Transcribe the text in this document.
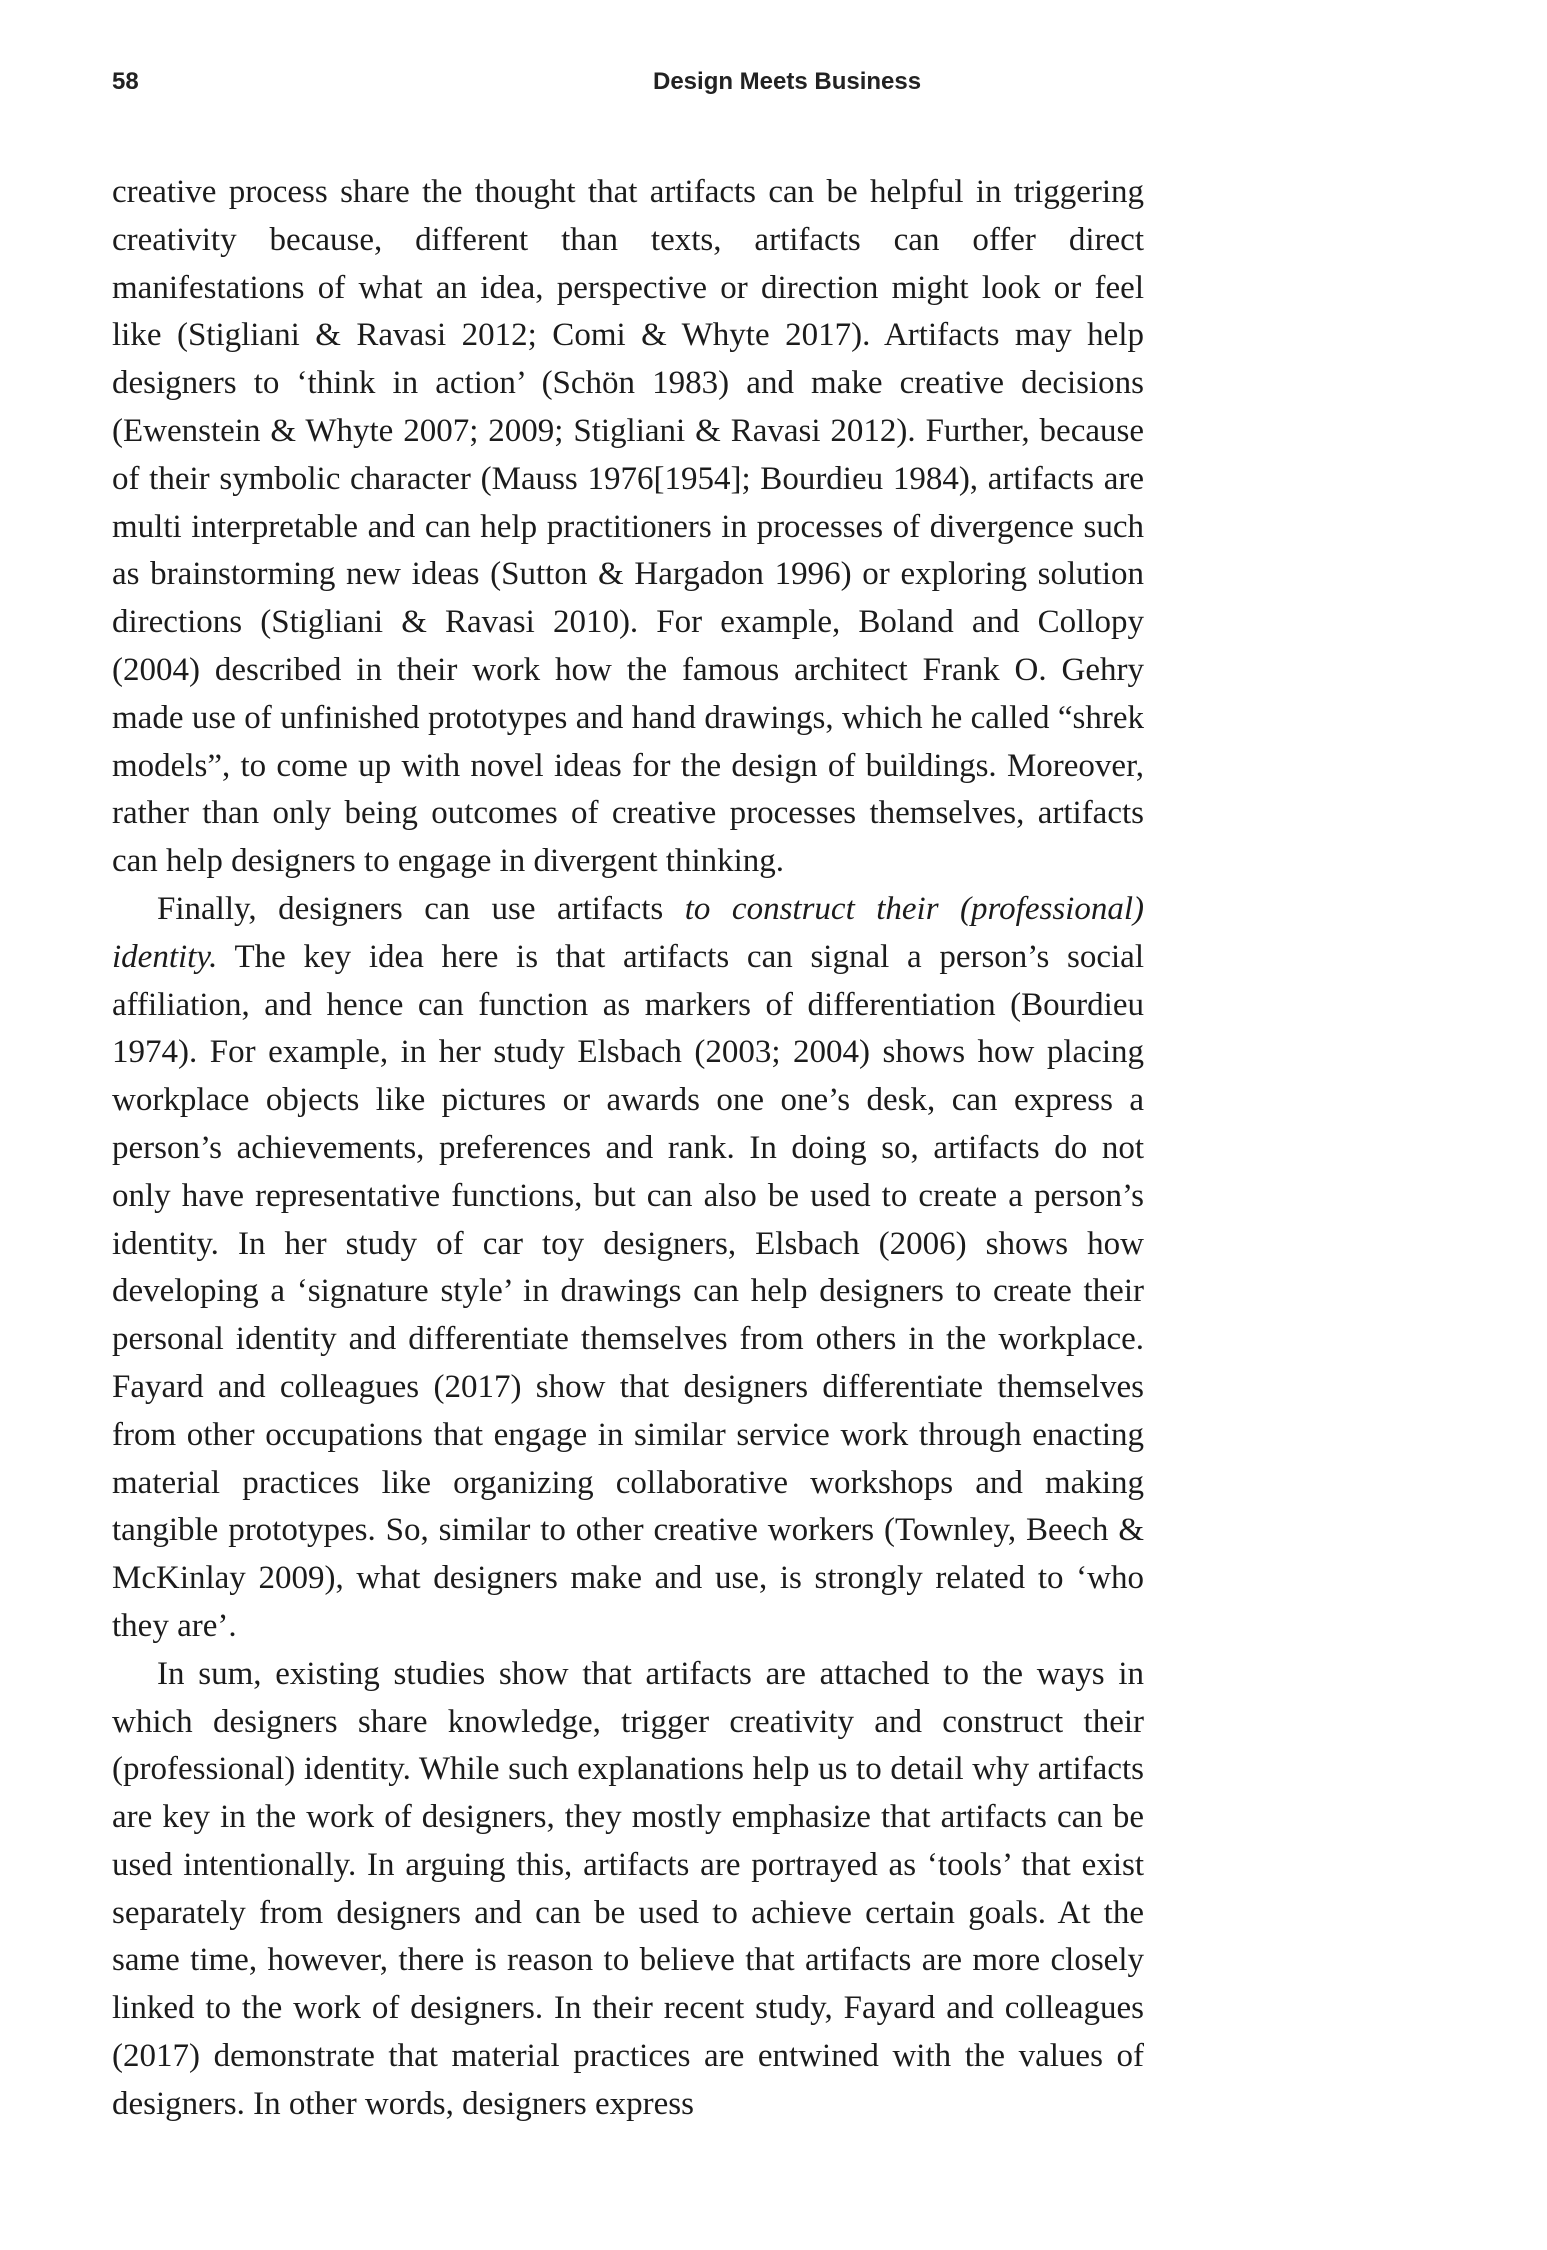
58	Design Meets Business

creative process share the thought that artifacts can be helpful in triggering creativity because, different than texts, artifacts can offer direct manifestations of what an idea, perspective or direction might look or feel like (Stigliani & Ravasi 2012; Comi & Whyte 2017). Artifacts may help designers to ‘think in action’ (Schön 1983) and make creative decisions (Ewenstein & Whyte 2007; 2009; Stigliani & Ravasi 2012). Further, because of their symbolic character (Mauss 1976[1954]; Bourdieu 1984), artifacts are multi interpretable and can help practitioners in processes of divergence such as brainstorming new ideas (Sutton & Hargadon 1996) or exploring solution directions (Stigliani & Ravasi 2010). For example, Boland and Collopy (2004) described in their work how the famous architect Frank O. Gehry made use of unfinished prototypes and hand drawings, which he called “shrek models”, to come up with novel ideas for the design of buildings. Moreover, rather than only being outcomes of creative processes themselves, artifacts can help designers to engage in divergent thinking.

Finally, designers can use artifacts to construct their (professional) identity. The key idea here is that artifacts can signal a person’s social affiliation, and hence can function as markers of differentiation (Bourdieu 1974). For example, in her study Elsbach (2003; 2004) shows how placing workplace objects like pictures or awards one one’s desk, can express a person’s achievements, preferences and rank. In doing so, artifacts do not only have representative functions, but can also be used to create a person’s identity. In her study of car toy designers, Elsbach (2006) shows how developing a ‘signature style’ in drawings can help designers to create their personal identity and differentiate themselves from others in the workplace. Fayard and colleagues (2017) show that designers differentiate themselves from other occupations that engage in similar service work through enacting material practices like organizing collaborative workshops and making tangible prototypes. So, similar to other creative workers (Townley, Beech & McKinlay 2009), what designers make and use, is strongly related to ‘who they are’.

In sum, existing studies show that artifacts are attached to the ways in which designers share knowledge, trigger creativity and construct their (professional) identity. While such explanations help us to detail why artifacts are key in the work of designers, they mostly emphasize that artifacts can be used intentionally. In arguing this, artifacts are portrayed as ‘tools’ that exist separately from designers and can be used to achieve certain goals. At the same time, however, there is reason to believe that artifacts are more closely linked to the work of designers. In their recent study, Fayard and colleagues (2017) demonstrate that material practices are entwined with the values of designers. In other words, designers express
